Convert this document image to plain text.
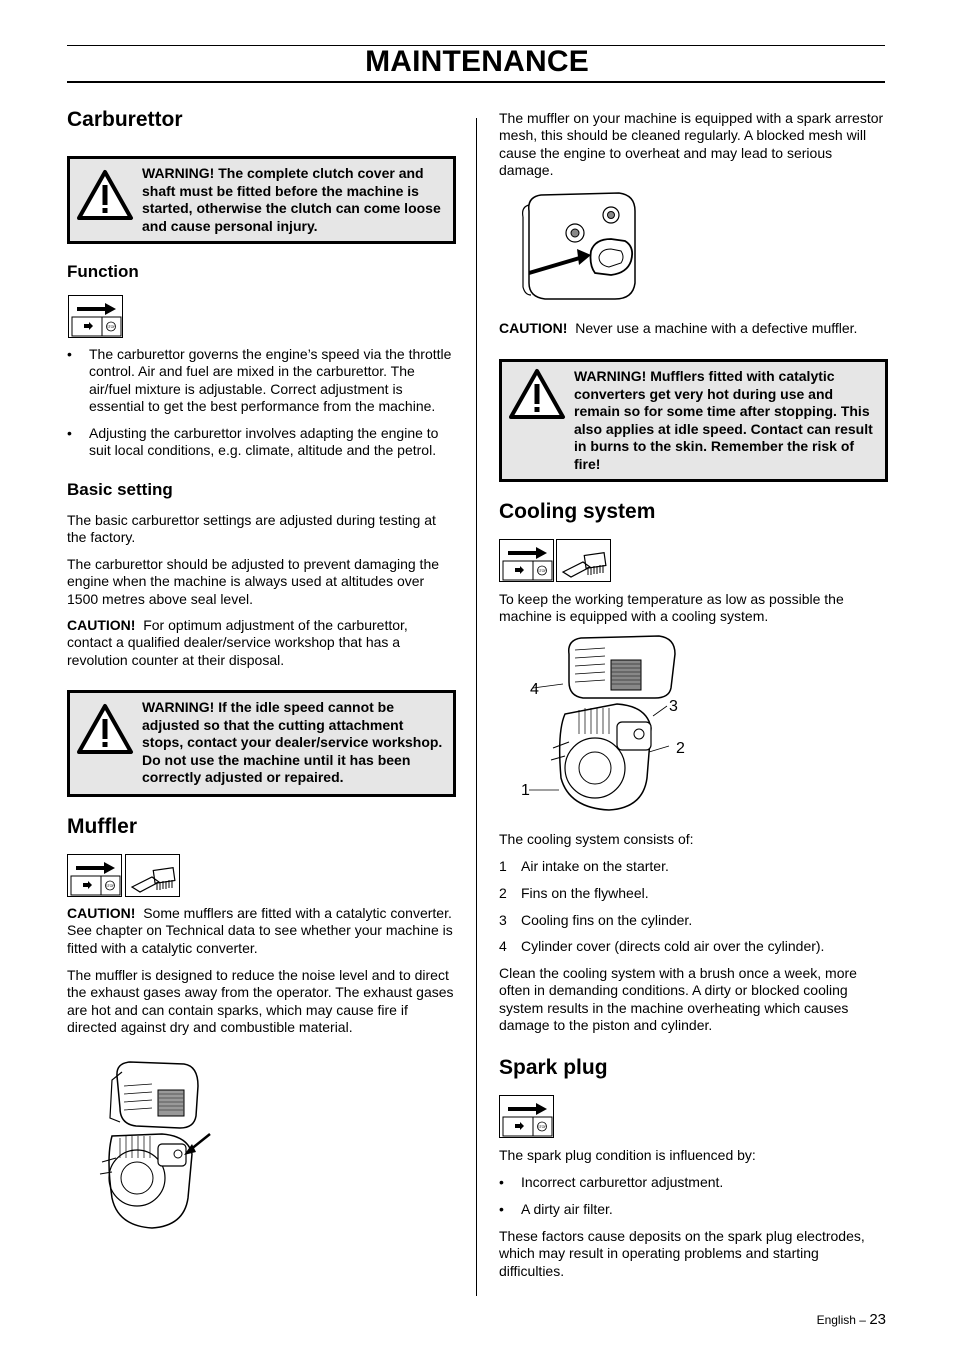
MAINTENANCE
Carburettor
WARNING! The complete clutch cover and shaft must be fitted before the machine is started, otherwise the clutch can come loose and cause personal injury.
Function
STOP
• The carburettor governs the engine’s speed via the throttle control. Air and fuel are mixed in the carburettor. The air/fuel mixture is adjustable. Correct adjustment is essential to get the best performance from the machine.
• Adjusting the carburettor involves adapting the engine to suit local conditions, e.g. climate, altitude and the petrol.
Basic setting

The basic carburettor settings are adjusted during testing at the factory.

The carburettor should be adjusted to prevent damaging the engine when the machine is always used at altitudes over 1500 metres above seal level.

CAUTION! For optimum adjustment of the carburettor, contact a qualified dealer/service workshop that has a revolution counter at their disposal.

WARNING! If the idle speed cannot be adjusted so that the cutting attachment stops, contact your dealer/service workshop. Do not use the machine until it has been correctly adjusted or repaired.
Muffler
STOP

CAUTION! Some mufflers are fitted with a catalytic converter. See chapter on Technical data to see whether your machine is fitted with a catalytic converter.

The muffler is designed to reduce the noise level and to direct the exhaust gases away from the operator. The exhaust gases are hot and can contain sparks, which may cause fire if directed against dry and combustible material.

The muffler on your machine is equipped with a spark arrestor mesh, this should be cleaned regularly. A blocked mesh will cause the engine to overheat and may lead to serious damage.

CAUTION! Never use a machine with a defective muffler.

WARNING! Mufflers fitted with catalytic converters get very hot during use and remain so for some time after stopping. This also applies at idle speed. Contact can result in burns to the skin. Remember the risk of fire!
Cooling system
STOP

To keep the working temperature as low as possible the machine is equipped with a cooling system.

4
3
2
1

The cooling system consists of:

1 Air intake on the starter.
2 Fins on the flywheel.
3 Cooling fins on the cylinder.
4 Cylinder cover (directs cold air over the cylinder).

Clean the cooling system with a brush once a week, more often in demanding conditions. A dirty or blocked cooling system results in the machine overheating which causes damage to the piston and cylinder.

Spark plug
STOP

The spark plug condition is influenced by:

• Incorrect carburettor adjustment.
• A dirty air filter.

These factors cause deposits on the spark plug electrodes, which may result in operating problems and starting difficulties.

English – 23
